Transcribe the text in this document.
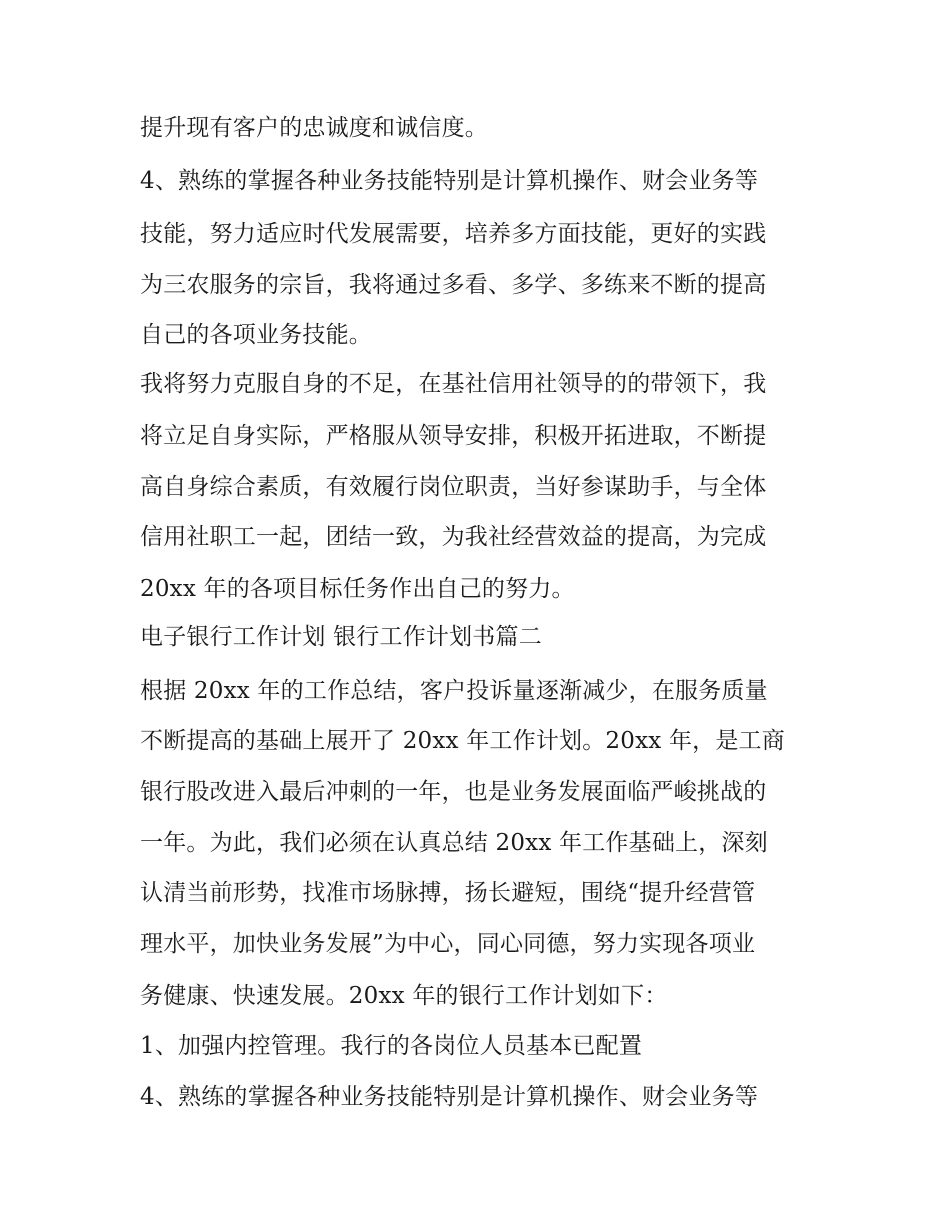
提升现有客户的忠诚度和诚信度。
4、熟练的掌握各种业务技能特别是计算机操作、财会业务等
技能，努力适应时代发展需要，培养多方面技能，更好的实践
为三农服务的宗旨，我将通过多看、多学、多练来不断的提高
自己的各项业务技能。
我将努力克服自身的不足，在基社信用社领导的的带领下，我
将立足自身实际，严格服从领导安排，积极开拓进取，不断提
高自身综合素质，有效履行岗位职责，当好参谋助手，与全体
信用社职工一起，团结一致，为我社经营效益的提高，为完成
20xx 年的各项目标任务作出自己的努力。
电子银行工作计划 银行工作计划书篇二
根据 20xx 年的工作总结，客户投诉量逐渐减少，在服务质量
不断提高的基础上展开了 20xx 年工作计划。20xx 年，是工商
银行股改进入最后冲刺的一年，也是业务发展面临严峻挑战的
一年。为此，我们必须在认真总结 20xx 年工作基础上，深刻
认清当前形势，找准市场脉搏，扬长避短，围绕“提升经营管
理水平，加快业务发展”为中心，同心同德，努力实现各项业
务健康、快速发展。20xx 年的银行工作计划如下：
1、加强内控管理。我行的各岗位人员基本已配置
4、熟练的掌握各种业务技能特别是计算机操作、财会业务等
